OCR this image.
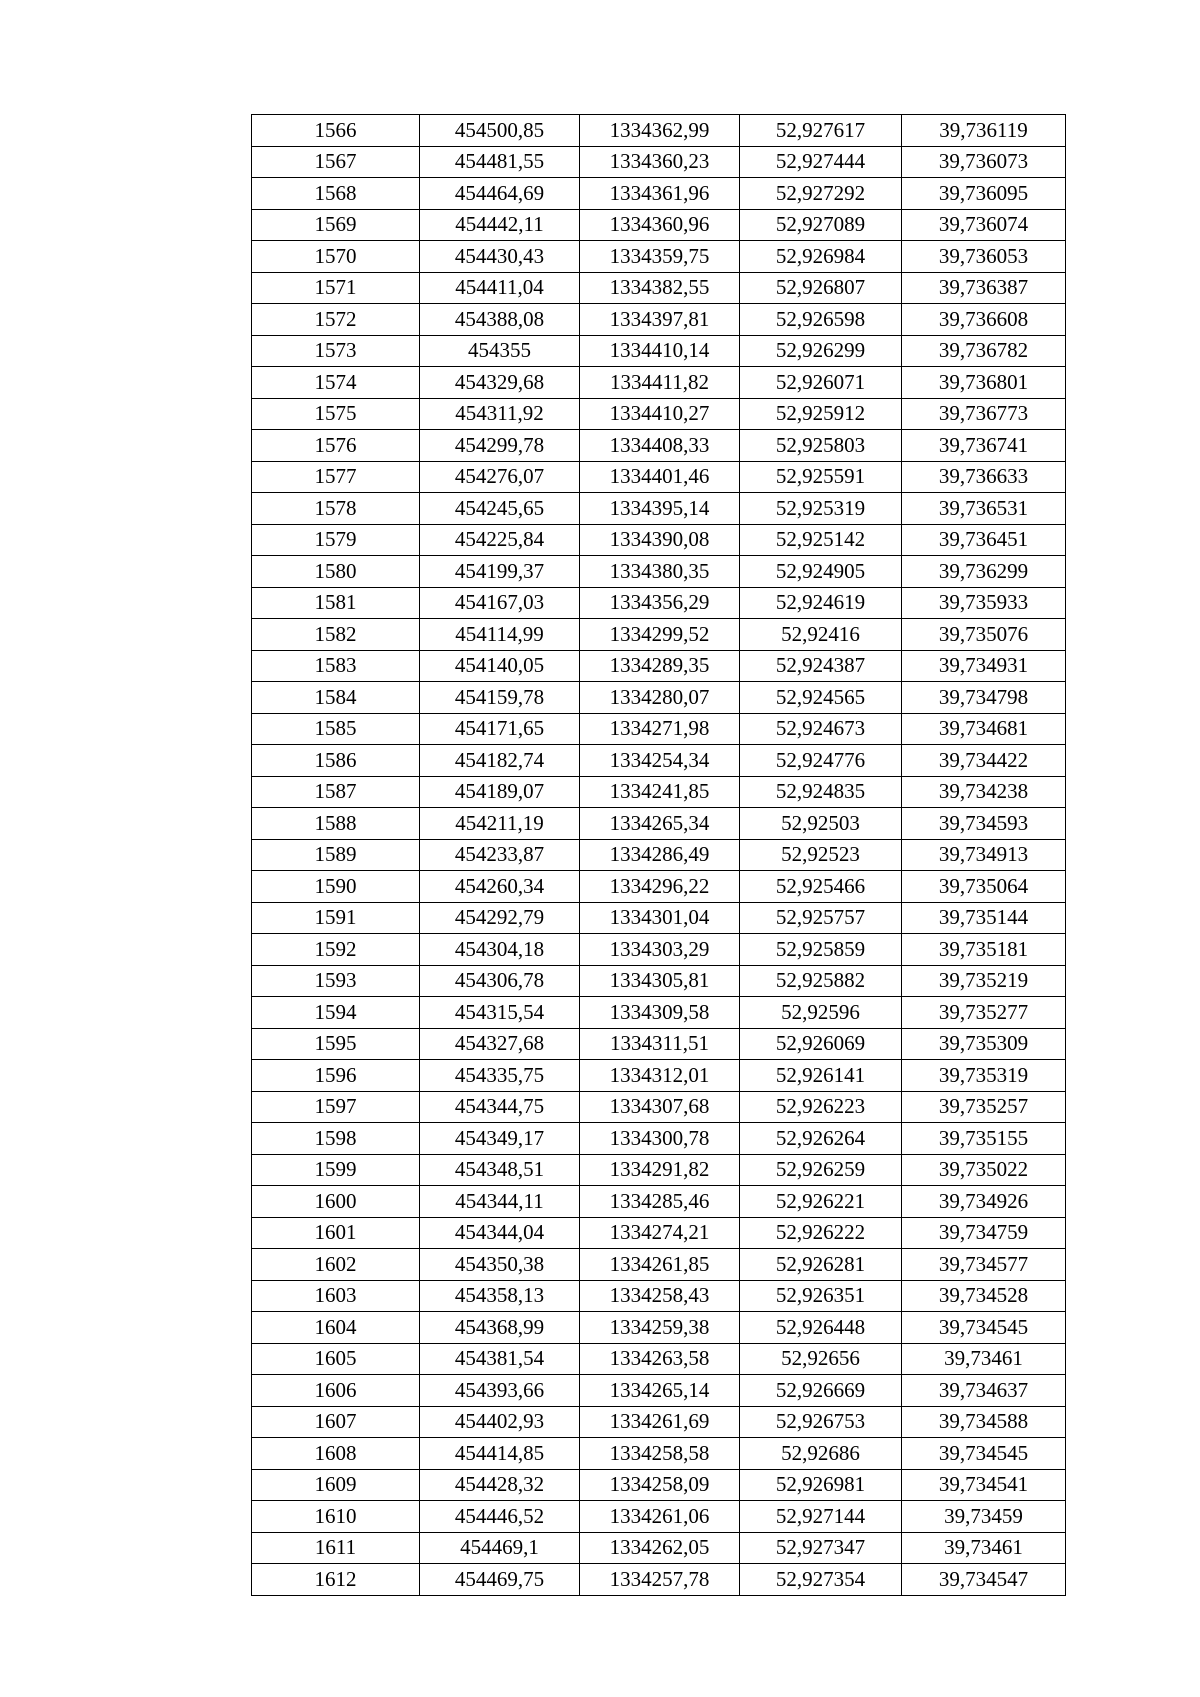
1566	454500,85	1334362,99	52,927617	39,736119
1567	454481,55	1334360,23	52,927444	39,736073
1568	454464,69	1334361,96	52,927292	39,736095
1569	454442,11	1334360,96	52,927089	39,736074
1570	454430,43	1334359,75	52,926984	39,736053
1571	454411,04	1334382,55	52,926807	39,736387
1572	454388,08	1334397,81	52,926598	39,736608
1573	454355	1334410,14	52,926299	39,736782
1574	454329,68	1334411,82	52,926071	39,736801
1575	454311,92	1334410,27	52,925912	39,736773
1576	454299,78	1334408,33	52,925803	39,736741
1577	454276,07	1334401,46	52,925591	39,736633
1578	454245,65	1334395,14	52,925319	39,736531
1579	454225,84	1334390,08	52,925142	39,736451
1580	454199,37	1334380,35	52,924905	39,736299
1581	454167,03	1334356,29	52,924619	39,735933
1582	454114,99	1334299,52	52,92416	39,735076
1583	454140,05	1334289,35	52,924387	39,734931
1584	454159,78	1334280,07	52,924565	39,734798
1585	454171,65	1334271,98	52,924673	39,734681
1586	454182,74	1334254,34	52,924776	39,734422
1587	454189,07	1334241,85	52,924835	39,734238
1588	454211,19	1334265,34	52,92503	39,734593
1589	454233,87	1334286,49	52,92523	39,734913
1590	454260,34	1334296,22	52,925466	39,735064
1591	454292,79	1334301,04	52,925757	39,735144
1592	454304,18	1334303,29	52,925859	39,735181
1593	454306,78	1334305,81	52,925882	39,735219
1594	454315,54	1334309,58	52,92596	39,735277
1595	454327,68	1334311,51	52,926069	39,735309
1596	454335,75	1334312,01	52,926141	39,735319
1597	454344,75	1334307,68	52,926223	39,735257
1598	454349,17	1334300,78	52,926264	39,735155
1599	454348,51	1334291,82	52,926259	39,735022
1600	454344,11	1334285,46	52,926221	39,734926
1601	454344,04	1334274,21	52,926222	39,734759
1602	454350,38	1334261,85	52,926281	39,734577
1603	454358,13	1334258,43	52,926351	39,734528
1604	454368,99	1334259,38	52,926448	39,734545
1605	454381,54	1334263,58	52,92656	39,73461
1606	454393,66	1334265,14	52,926669	39,734637
1607	454402,93	1334261,69	52,926753	39,734588
1608	454414,85	1334258,58	52,92686	39,734545
1609	454428,32	1334258,09	52,926981	39,734541
1610	454446,52	1334261,06	52,927144	39,73459
1611	454469,1	1334262,05	52,927347	39,73461
1612	454469,75	1334257,78	52,927354	39,734547
